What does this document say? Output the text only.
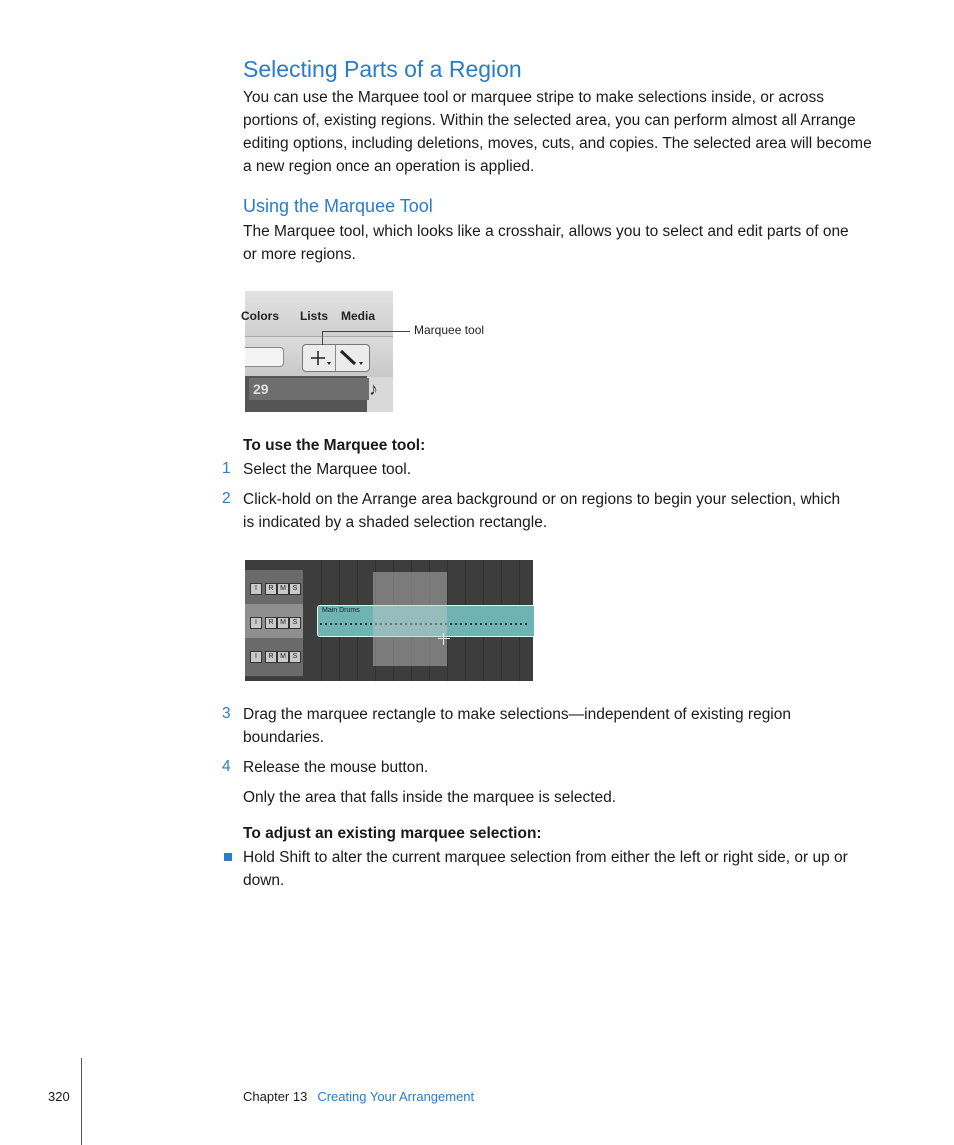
Selecting Parts of a Region
You can use the Marquee tool or marquee stripe to make selections inside, or across portions of, existing regions. Within the selected area, you can perform almost all Arrange editing options, including deletions, moves, cuts, and copies. The selected area will become a new region once an operation is applied.
Using the Marquee Tool
The Marquee tool, which looks like a crosshair, allows you to select and edit parts of one or more regions.
Colors Lists Media
29	♪
Marquee tool
To use the Marquee tool:
1 Select the Marquee tool.
2 Click-hold on the Arrange area background or on regions to begin your selection, which is indicated by a shaded selection rectangle.
I	R M S
I	R M S
I	R M S
Main Drums
3 Drag the marquee rectangle to make selections—independent of existing region boundaries.
4 Release the mouse button.
Only the area that falls inside the marquee is selected.
To adjust an existing marquee selection:
Hold Shift to alter the current marquee selection from either the left or right side, or up or down.
320	Chapter 13 Creating Your Arrangement
